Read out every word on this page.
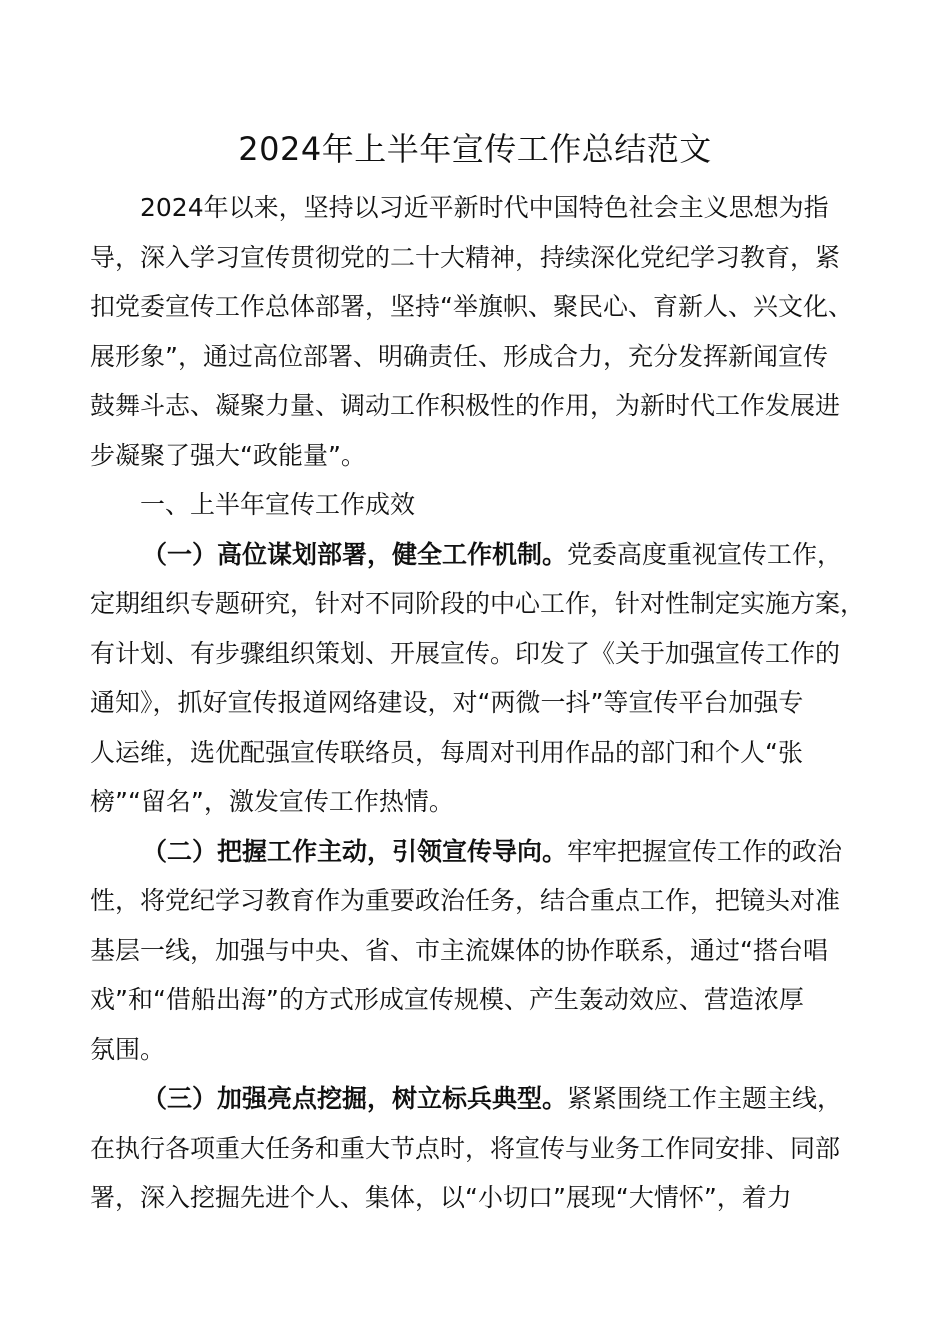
2024年上半年宣传工作总结范文
2024年以来，坚持以习近平新时代中国特色社会主义思想为指
导，深入学习宣传贯彻党的二十大精神，持续深化党纪学习教育，紧
扣党委宣传工作总体部署，坚持“举旗帜、聚民心、育新人、兴文化、
展形象”，通过高位部署、明确责任、形成合力，充分发挥新闻宣传
鼓舞斗志、凝聚力量、调动工作积极性的作用，为新时代工作发展进
步凝聚了强大“政能量”。
一、上半年宣传工作成效
（一）高位谋划部署，健全工作机制。党委高度重视宣传工作，
定期组织专题研究，针对不同阶段的中心工作，针对性制定实施方案，
有计划、有步骤组织策划、开展宣传。印发了《关于加强宣传工作的
通知》，抓好宣传报道网络建设，对“两微一抖”等宣传平台加强专
人运维，选优配强宣传联络员，每周对刊用作品的部门和个人“张
榜”“留名”，激发宣传工作热情。
（二）把握工作主动，引领宣传导向。牢牢把握宣传工作的政治
性，将党纪学习教育作为重要政治任务，结合重点工作，把镜头对准
基层一线，加强与中央、省、市主流媒体的协作联系，通过“搭台唱
戏”和“借船出海”的方式形成宣传规模、产生轰动效应、营造浓厚
氛围。
（三）加强亮点挖掘，树立标兵典型。紧紧围绕工作主题主线，
在执行各项重大任务和重大节点时，将宣传与业务工作同安排、同部
署，深入挖掘先进个人、集体，以“小切口”展现“大情怀”，着力
